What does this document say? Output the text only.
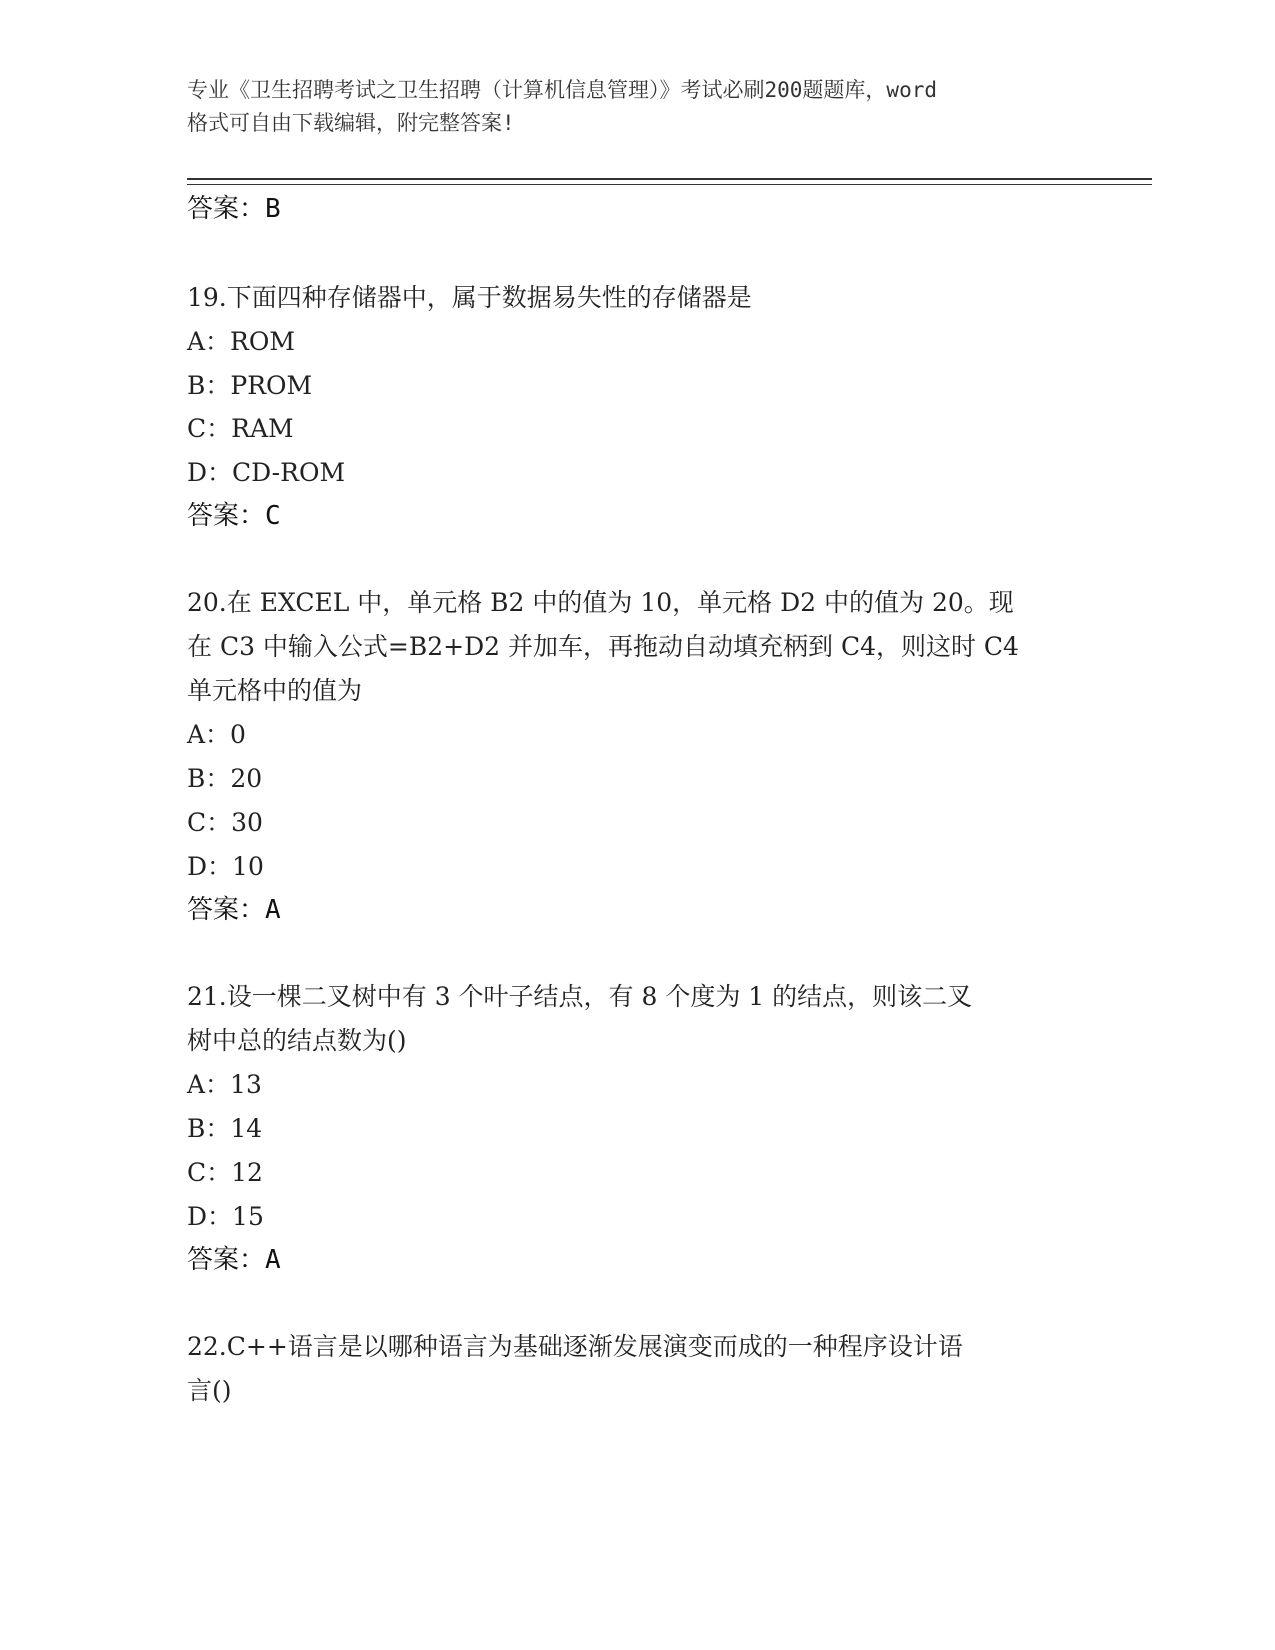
专业《卫生招聘考试之卫生招聘（计算机信息管理）》考试必刷200题题库，word
格式可自由下载编辑，附完整答案!
答案：B
19.下面四种存储器中，属于数据易失性的存储器是
A：ROM
B：PROM
C：RAM
D：CD-ROM
答案：C
20.在 EXCEL 中，单元格 B2 中的值为 10，单元格 D2 中的值为 20。现
在 C3 中输入公式=B2+D2 并加车，再拖动自动填充柄到 C4，则这时 C4
单元格中的值为
A：0
B：20
C：30
D：10
答案：A
21.设一棵二叉树中有 3 个叶子结点，有 8 个度为 1 的结点，则该二叉
树中总的结点数为()
A：13
B：14
C：12
D：15
答案：A
22.C++语言是以哪种语言为基础逐渐发展演变而成的一种程序设计语
言()
